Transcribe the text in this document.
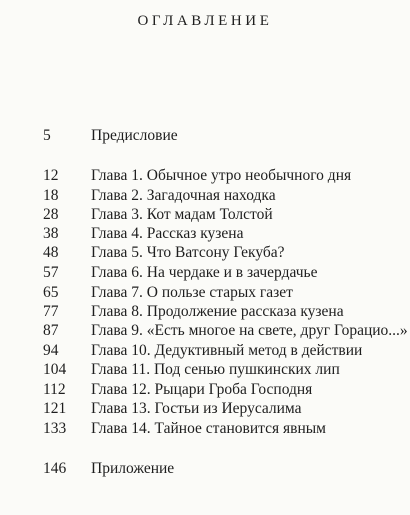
ОГЛАВЛЕНИЕ
5	Предисловие
12 Глава 1. Обычное утро необычного дня
18 Глава 2. Загадочная находка
28 Глава 3. Кот мадам Толстой
38 Глава 4. Рассказ кузена
48 Глава 5. Что Ватсону Гекуба?
57 Глава 6. На чердаке и в зачердачье
65 Глава 7. О пользе старых газет
77 Глава 8. Продолжение рассказа кузена
87 Глава 9. «Есть многое на свете, друг Горацио...»
94 Глава 10. Дедуктивный метод в действии
104 Глава 11. Под сенью пушкинских лип
112 Глава 12. Рыцари Гроба Господня
121 Глава 13. Гостьи из Иерусалима
133 Глава 14. Тайное становится явным
146 Приложение
